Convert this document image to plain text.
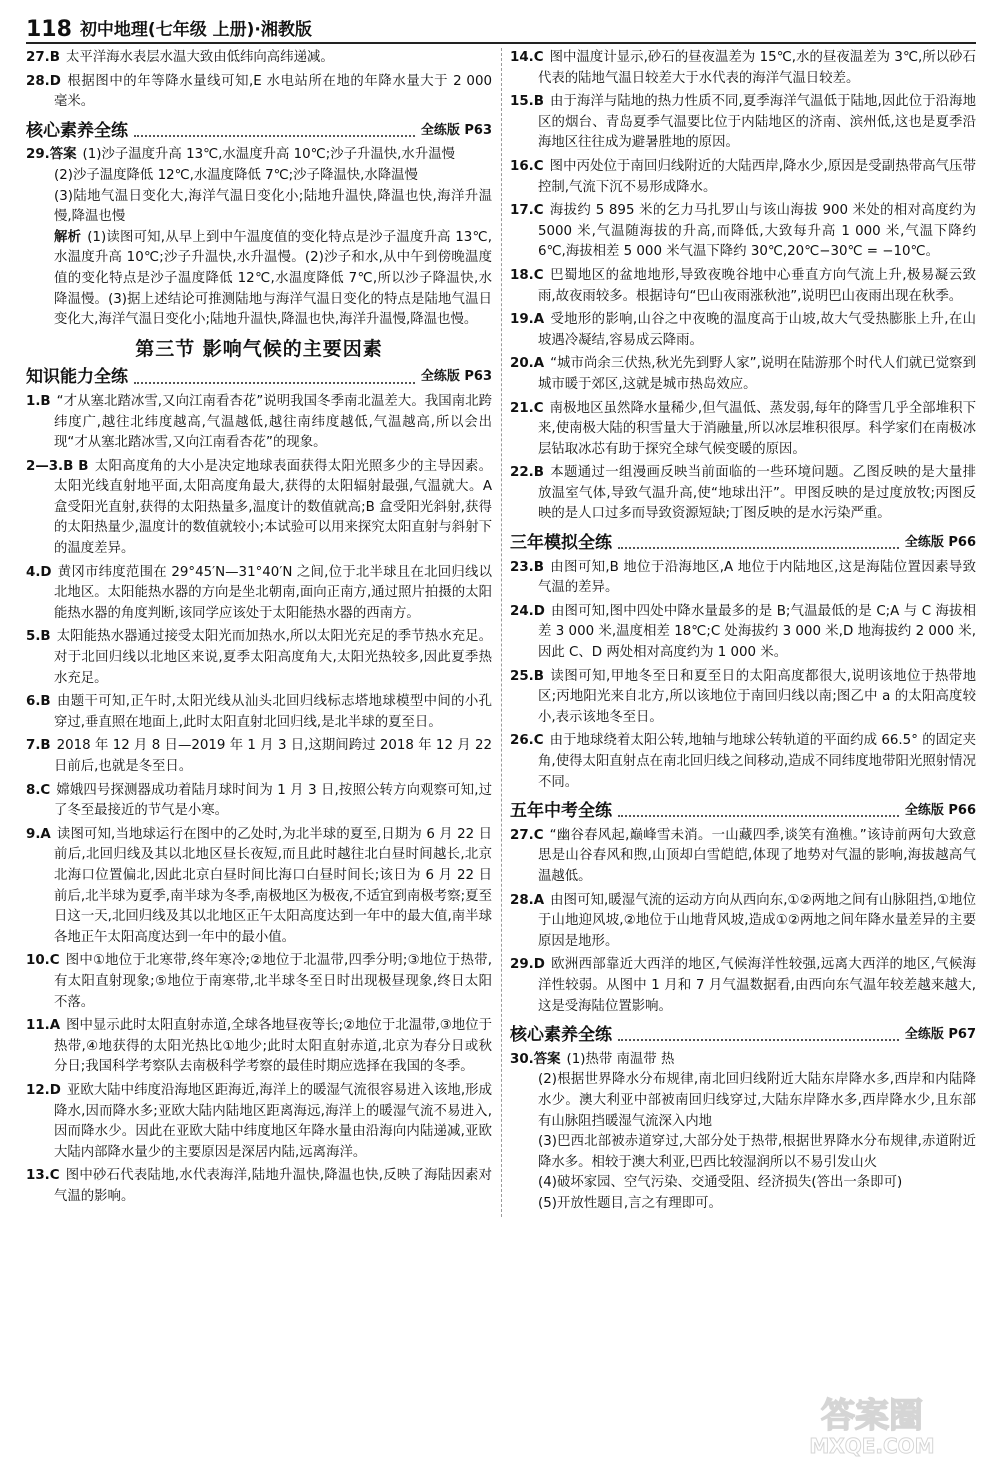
118 初中地理(七年级 上册)·湘教版
27.B 太平洋海水表层水温大致由低纬向高纬递减。
28.D 根据图中的年等降水量线可知,E 水电站所在地的年降水量大于 2 000 毫米。
核心素养全练	全练版 P63
29.答案 (1)沙子温度升高 13℃,水温度升高 10℃;沙子升温快,水升温慢

(2)沙子温度降低 12℃,水温度降低 7℃;沙子降温快,水降温慢

(3)陆地气温日变化大,海洋气温日变化小;陆地升温快,降温也快,海洋升温慢,降温也慢

解析 (1)读图可知,从早上到中午温度值的变化特点是沙子温度升高 13℃,水温度升高 10℃;沙子升温快,水升温慢。(2)沙子和水,从中午到傍晚温度值的变化特点是沙子温度降低 12℃,水温度降低 7℃,所以沙子降温快,水降温慢。(3)据上述结论可推测陆地与海洋气温日变化的特点是陆地气温日变化大,海洋气温日变化小;陆地升温快,降温也快,海洋升温慢,降温也慢。

第三节 影响气候的主要因素
知识能力全练	全练版 P63
1.B “才从塞北踏冰雪,又向江南看杏花”说明我国冬季南北温差大。我国南北跨纬度广,越往北纬度越高,气温越低,越往南纬度越低,气温越高,所以会出现“才从塞北踏冰雪,又向江南看杏花”的现象。
2—3.B B 太阳高度角的大小是决定地球表面获得太阳光照多少的主导因素。太阳光线直射地平面,太阳高度角最大,获得的太阳辐射最强,气温就大。A 盒受阳光直射,获得的太阳热量多,温度计的数值就高;B 盒受阳光斜射,获得的太阳热量少,温度计的数值就较小;本试验可以用来探究太阳直射与斜射下的温度差异。
4.D 黄冈市纬度范围在 29°45′N—31°40′N 之间,位于北半球且在北回归线以北地区。太阳能热水器的方向是坐北朝南,面向正南方,通过照片拍摄的太阳能热水器的角度判断,该同学应该处于太阳能热水器的西南方。
5.B 太阳能热水器通过接受太阳光而加热水,所以太阳光充足的季节热水充足。对于北回归线以北地区来说,夏季太阳高度角大,太阳光热较多,因此夏季热水充足。
6.B 由题干可知,正午时,太阳光线从汕头北回归线标志塔地球模型中间的小孔穿过,垂直照在地面上,此时太阳直射北回归线,是北半球的夏至日。
7.B 2018 年 12 月 8 日—2019 年 1 月 3 日,这期间跨过 2018 年 12 月 22 日前后,也就是冬至日。
8.C 嫦娥四号探测器成功着陆月球时间为 1 月 3 日,按照公转方向观察可知,过了冬至最接近的节气是小寒。
9.A 读图可知,当地球运行在图中的乙处时,为北半球的夏至,日期为 6 月 22 日前后,北回归线及其以北地区昼长夜短,而且此时越往北白昼时间越长,北京北海口位置偏北,因此北京白昼时间比海口白昼时间长;该日为 6 月 22 日前后,北半球为夏季,南半球为冬季,南极地区为极夜,不适宜到南极考察;夏至日这一天,北回归线及其以北地区正午太阳高度达到一年中的最大值,南半球各地正午太阳高度达到一年中的最小值。
10.C 图中①地位于北寒带,终年寒冷;②地位于北温带,四季分明;③地位于热带,有太阳直射现象;⑤地位于南寒带,北半球冬至日时出现极昼现象,终日太阳不落。
11.A 图中显示此时太阳直射赤道,全球各地昼夜等长;②地位于北温带,③地位于热带,④地获得的太阳光热比①地少;此时太阳直射赤道,北京为春分日或秋分日;我国科学考察队去南极科学考察的最佳时期应选择在我国的冬季。
12.D 亚欧大陆中纬度沿海地区距海近,海洋上的暖湿气流很容易进入该地,形成降水,因而降水多;亚欧大陆内陆地区距离海远,海洋上的暖湿气流不易进入,因而降水少。因此在亚欧大陆中纬度地区年降水量由沿海向内陆递减,亚欧大陆内部降水量少的主要原因是深居内陆,远离海洋。
13.C 图中砂石代表陆地,水代表海洋,陆地升温快,降温也快,反映了海陆因素对气温的影响。
14.C 图中温度计显示,砂石的昼夜温差为 15℃,水的昼夜温差为 3℃,所以砂石代表的陆地气温日较差大于水代表的海洋气温日较差。
15.B 由于海洋与陆地的热力性质不同,夏季海洋气温低于陆地,因此位于沿海地区的烟台、青岛夏季气温要比位于内陆地区的济南、滨州低,这也是夏季沿海地区往往成为避暑胜地的原因。
16.C 图中丙处位于南回归线附近的大陆西岸,降水少,原因是受副热带高气压带控制,气流下沉不易形成降水。
17.C 海拔约 5 895 米的乞力马扎罗山与该山海拔 900 米处的相对高度约为 5000 米,气温随海拔的升高,而降低,大致每升高 1 000 米,气温下降约 6℃,海拔相差 5 000 米气温下降约 30℃,20℃−30℃ = −10℃。
18.C 巴蜀地区的盆地地形,导致夜晚谷地中心垂直方向气流上升,极易凝云致雨,故夜雨较多。根据诗句“巴山夜雨涨秋池”,说明巴山夜雨出现在秋季。
19.A 受地形的影响,山谷之中夜晚的温度高于山坡,故大气受热膨胀上升,在山坡遇冷凝结,容易成云降雨。
20.A “城市尚余三伏热,秋光先到野人家”,说明在陆游那个时代人们就已觉察到城市暖于郊区,这就是城市热岛效应。
21.C 南极地区虽然降水量稀少,但气温低、蒸发弱,每年的降雪几乎全部堆积下来,使南极大陆的积雪量大于消融量,所以冰层堆积很厚。科学家们在南极冰层钻取冰芯有助于探究全球气候变暖的原因。
22.B 本题通过一组漫画反映当前面临的一些环境问题。乙图反映的是大量排放温室气体,导致气温升高,使“地球出汗”。甲图反映的是过度放牧;丙图反映的是人口过多而导致资源短缺;丁图反映的是水污染严重。
三年模拟全练	全练版 P66
23.B 由图可知,B 地位于沿海地区,A 地位于内陆地区,这是海陆位置因素导致气温的差异。
24.D 由图可知,图中四处中降水量最多的是 B;气温最低的是 C;A 与 C 海拔相差 3 000 米,温度相差 18℃;C 处海拔约 3 000 米,D 地海拔约 2 000 米,因此 C、D 两处相对高度约为 1 000 米。
25.B 读图可知,甲地冬至日和夏至日的太阳高度都很大,说明该地位于热带地区;丙地阳光来自北方,所以该地位于南回归线以南;图乙中 a 的太阳高度较小,表示该地冬至日。
26.C 由于地球绕着太阳公转,地轴与地球公转轨道的平面约成 66.5° 的固定夹角,使得太阳直射点在南北回归线之间移动,造成不同纬度地带阳光照射情况不同。
五年中考全练	全练版 P66
27.C “幽谷春风起,巅峰雪未消。一山藏四季,谈笑有渔樵。”该诗前两句大致意思是山谷春风和煦,山顶却白雪皑皑,体现了地势对气温的影响,海拔越高气温越低。
28.A 由图可知,暖湿气流的运动方向从西向东,①②两地之间有山脉阻挡,①地位于山地迎风坡,②地位于山地背风坡,造成①②两地之间年降水量差异的主要原因是地形。
29.D 欧洲西部靠近大西洋的地区,气候海洋性较强,远离大西洋的地区,气候海洋性较弱。从图中 1 月和 7 月气温数据看,由西向东气温年较差越来越大,这是受海陆位置影响。
核心素养全练	全练版 P67
30.答案 (1)热带 南温带 热

(2)根据世界降水分布规律,南北回归线附近大陆东岸降水多,西岸和内陆降水少。澳大利亚中部被南回归线穿过,大陆东岸降水多,西岸降水少,且东部有山脉阻挡暖湿气流深入内地

(3)巴西北部被赤道穿过,大部分处于热带,根据世界降水分布规律,赤道附近降水多。相较于澳大利亚,巴西比较湿润所以不易引发山火

(4)破坏家园、空气污染、交通受阻、经济损失(答出一条即可)

(5)开放性题目,言之有理即可。

答案圈
MXQE.COM
